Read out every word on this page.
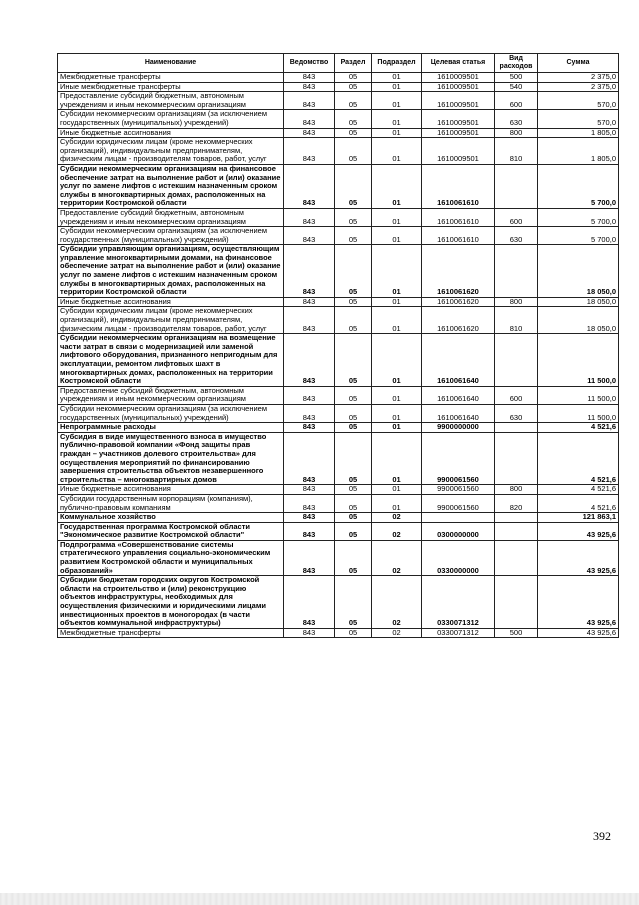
Наименование	Ведомство	Раздел	Подраздел	Целевая статья	Вид расходов	Сумма
Межбюджетные трансферты	843	05	01	1610009501	500	2 375,0
Иные межбюджетные трансферты	843	05	01	1610009501	540	2 375,0
Предоставление субсидий бюджетным, автономным учреждениям и иным некоммерческим организациям	843	05	01	1610009501	600	570,0
Субсидии некоммерческим организациям (за исключением государственных (муниципальных) учреждений)	843	05	01	1610009501	630	570,0
Иные бюджетные ассигнования	843	05	01	1610009501	800	1 805,0
Субсидии юридическим лицам (кроме некоммерческих организаций), индивидуальным предпринимателям, физическим лицам - производителям товаров, работ, услуг	843	05	01	1610009501	810	1 805,0
Субсидии некоммерческим организациям на финансовое обеспечение затрат на выполнение работ и (или) оказание услуг по замене лифтов с истекшим назначенным сроком службы в многоквартирных домах, расположенных на территории Костромской области	843	05	01	1610061610		5 700,0
Предоставление субсидий бюджетным, автономным учреждениям и иным некоммерческим организациям	843	05	01	1610061610	600	5 700,0
Субсидии некоммерческим организациям (за исключением государственных (муниципальных) учреждений)	843	05	01	1610061610	630	5 700,0
Субсидии управляющим организациям, осуществляющим управление многоквартирными домами, на финансовое обеспечение затрат на выполнение работ и (или) оказание услуг по замене лифтов с истекшим назначенным сроком службы в многоквартирных домах, расположенных на территории Костромской области	843	05	01	1610061620		18 050,0
Иные бюджетные ассигнования	843	05	01	1610061620	800	18 050,0
Субсидии юридическим лицам (кроме некоммерческих организаций), индивидуальным предпринимателям, физическим лицам - производителям товаров, работ, услуг	843	05	01	1610061620	810	18 050,0
Субсидии некоммерческим организациям на возмещение части затрат в связи с модернизацией или заменой лифтового оборудования, признанного непригодным для эксплуатации, ремонтом лифтовых шахт в многоквартирных домах, расположенных на территории Костромской области	843	05	01	1610061640		11 500,0
Предоставление субсидий бюджетным, автономным учреждениям и иным некоммерческим организациям	843	05	01	1610061640	600	11 500,0
Субсидии некоммерческим организациям (за исключением государственных (муниципальных) учреждений)	843	05	01	1610061640	630	11 500,0
Непрограммные расходы	843	05	01	9900000000		4 521,6
Субсидия в виде имущественного взноса в имущество публично-правовой компании «Фонд защиты прав граждан – участников долевого строительства» для осуществления мероприятий по финансированию завершения строительства объектов незавершенного строительства – многоквартирных домов	843	05	01	9900061560		4 521,6
Иные бюджетные ассигнования	843	05	01	9900061560	800	4 521,6
Субсидии государственным корпорациям (компаниям), публично-правовым компаниям	843	05	01	9900061560	820	4 521,6
Коммунальное хозяйство	843	05	02			121 863,1
Государственная программа Костромской области "Экономическое развитие Костромской области"	843	05	02	0300000000		43 925,6
Подпрограмма «Совершенствование системы стратегического управления социально-экономическим развитием Костромской области и муниципальных образований»	843	05	02	0330000000		43 925,6
Субсидии бюджетам городских округов Костромской области на строительство и (или) реконструкцию объектов инфраструктуры, необходимых для осуществления физическими и юридическими лицами инвестиционных проектов в моногородах (в части объектов коммунальной инфраструктуры)	843	05	02	0330071312		43 925,6
Межбюджетные трансферты	843	05	02	0330071312	500	43 925,6
392
